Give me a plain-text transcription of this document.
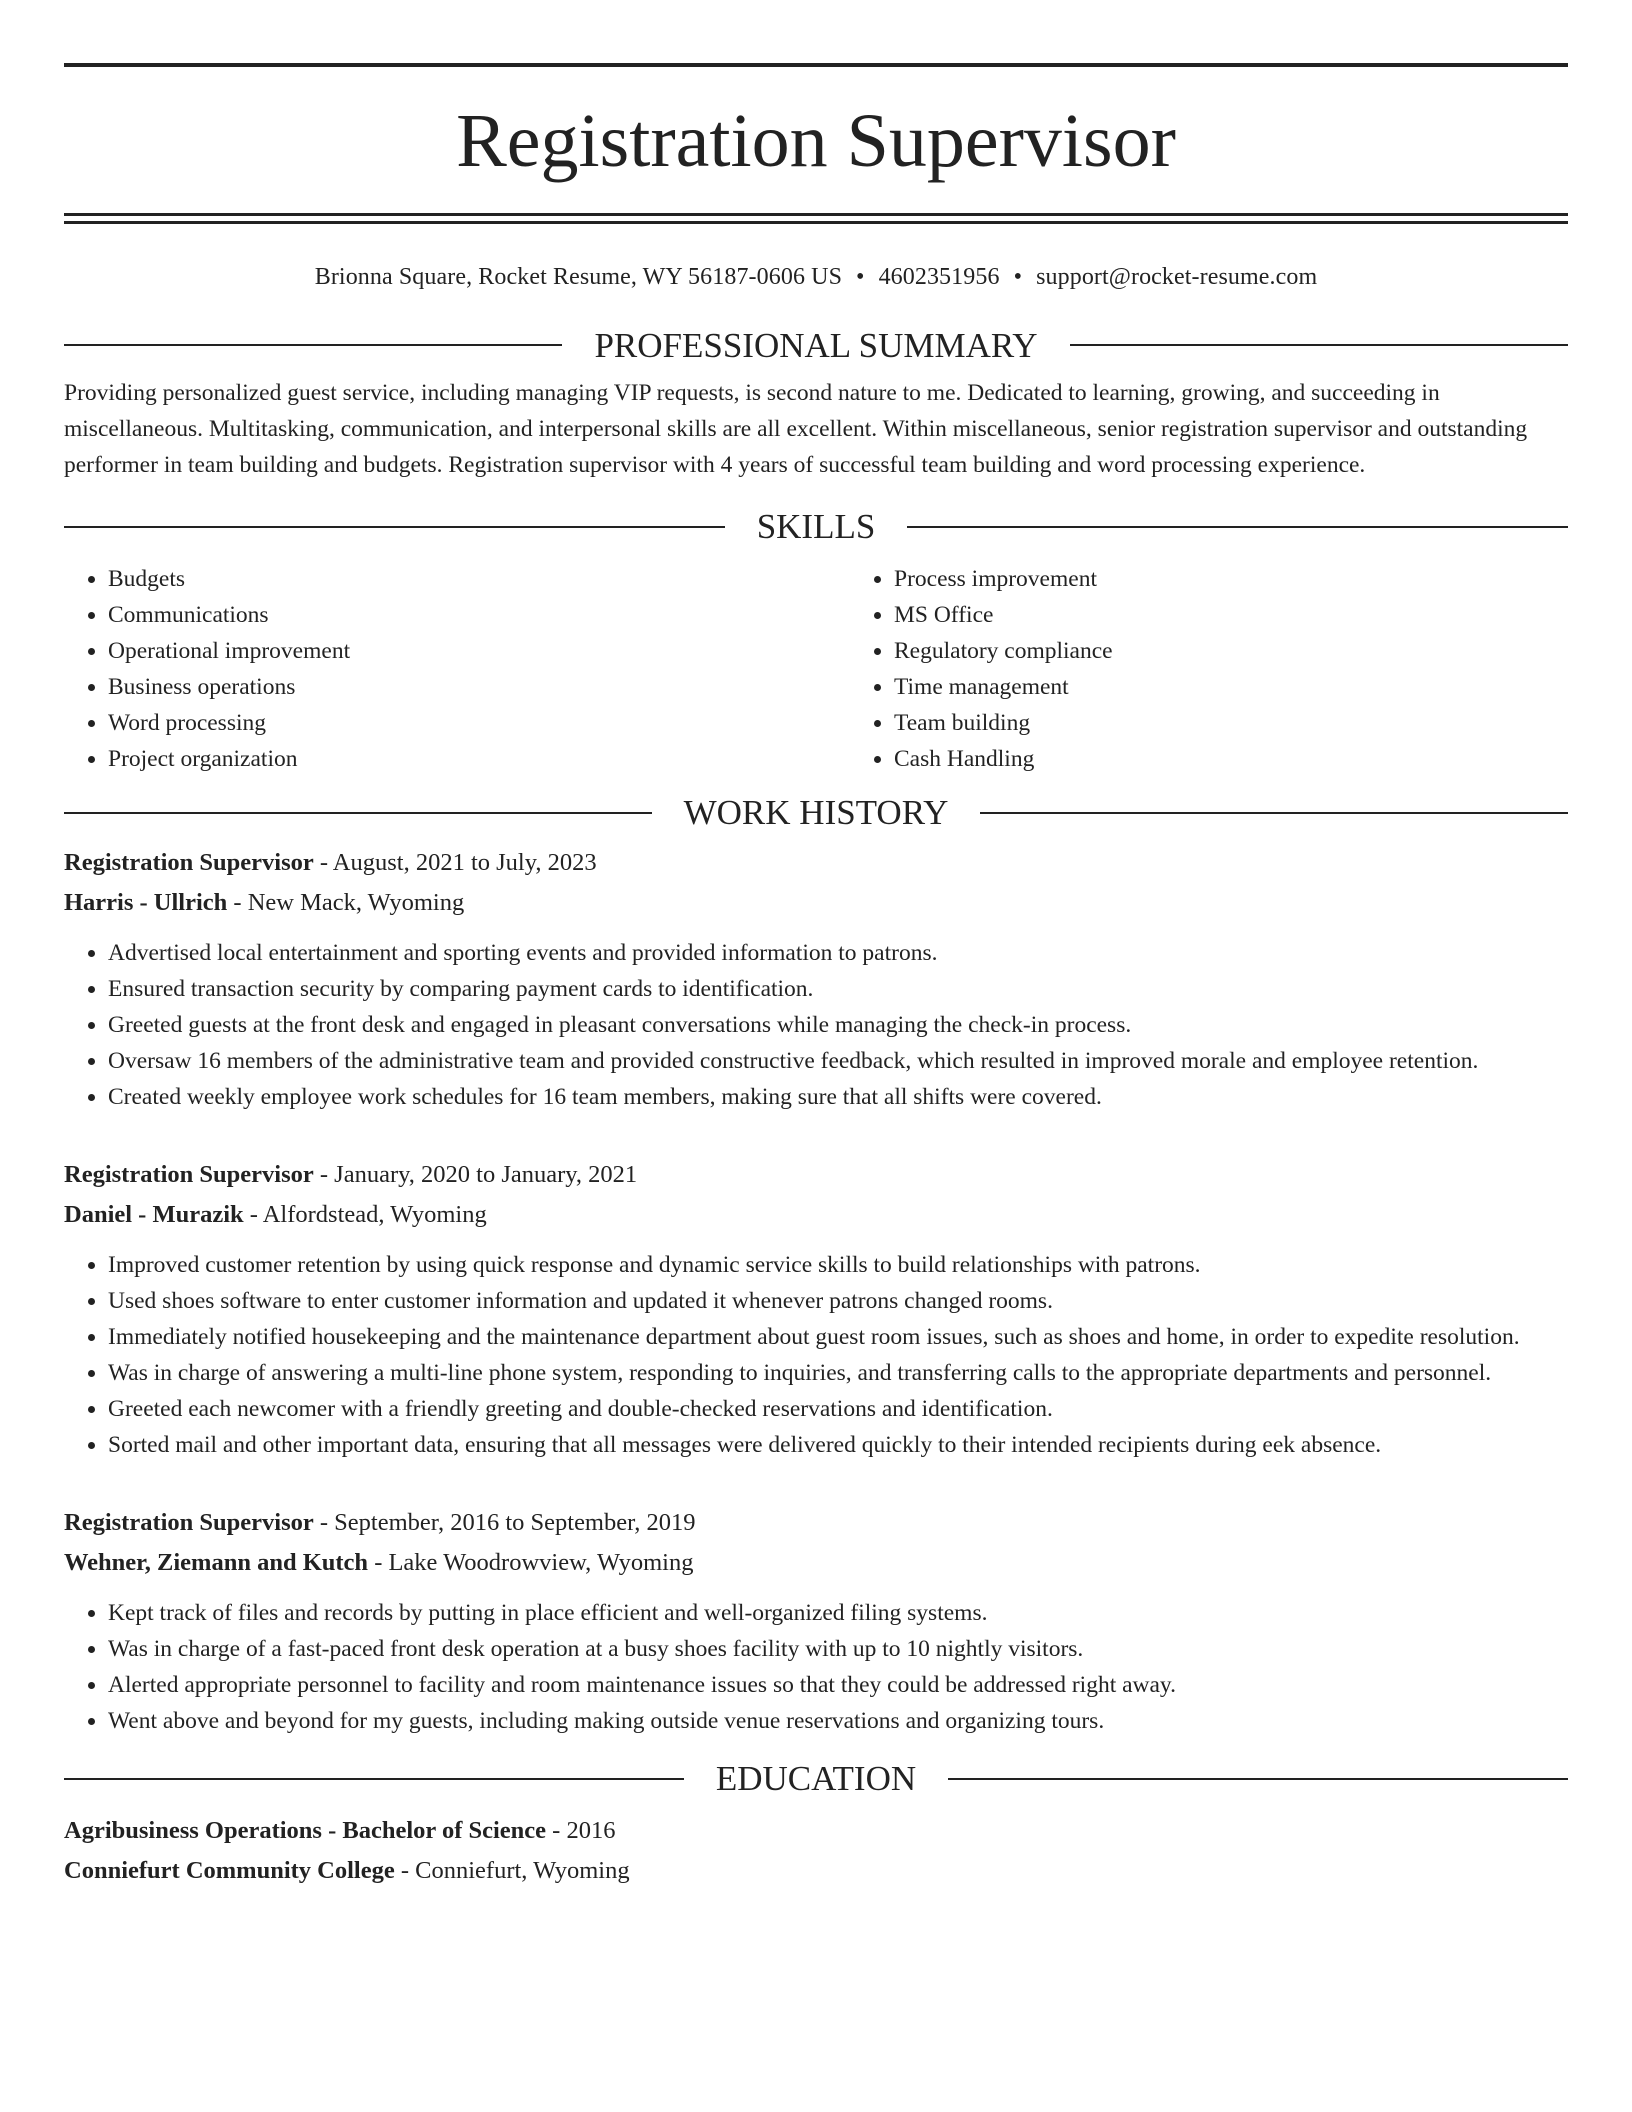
Registration Supervisor
Brionna Square, Rocket Resume, WY 56187-0606 US • 4602351956 • support@rocket-resume.com
PROFESSIONAL SUMMARY

Providing personalized guest service, including managing VIP requests, is second nature to me. Dedicated to learning, growing, and succeeding in miscellaneous. Multitasking, communication, and interpersonal skills are all excellent. Within miscellaneous, senior registration supervisor and outstanding performer in team building and budgets. Registration supervisor with 4 years of successful team building and word processing experience.

SKILLS
• Budgets
• Communications
• Operational improvement
• Business operations
• Word processing
• Project organization
• Process improvement
• MS Office
• Regulatory compliance
• Time management
• Team building
• Cash Handling
WORK HISTORY
Registration Supervisor - August, 2021 to July, 2023
Harris - Ullrich - New Mack, Wyoming
• Advertised local entertainment and sporting events and provided information to patrons.
• Ensured transaction security by comparing payment cards to identification.
• Greeted guests at the front desk and engaged in pleasant conversations while managing the check-in process.
• Oversaw 16 members of the administrative team and provided constructive feedback, which resulted in improved morale and employee retention.
• Created weekly employee work schedules for 16 team members, making sure that all shifts were covered.
Registration Supervisor - January, 2020 to January, 2021
Daniel - Murazik - Alfordstead, Wyoming
• Improved customer retention by using quick response and dynamic service skills to build relationships with patrons.
• Used shoes software to enter customer information and updated it whenever patrons changed rooms.
• Immediately notified housekeeping and the maintenance department about guest room issues, such as shoes and home, in order to expedite resolution.
• Was in charge of answering a multi-line phone system, responding to inquiries, and transferring calls to the appropriate departments and personnel.
• Greeted each newcomer with a friendly greeting and double-checked reservations and identification.
• Sorted mail and other important data, ensuring that all messages were delivered quickly to their intended recipients during eek absence.
Registration Supervisor - September, 2016 to September, 2019
Wehner, Ziemann and Kutch - Lake Woodrowview, Wyoming
• Kept track of files and records by putting in place efficient and well-organized filing systems.
• Was in charge of a fast-paced front desk operation at a busy shoes facility with up to 10 nightly visitors.
• Alerted appropriate personnel to facility and room maintenance issues so that they could be addressed right away.
• Went above and beyond for my guests, including making outside venue reservations and organizing tours.
EDUCATION
Agribusiness Operations - Bachelor of Science - 2016
Conniefurt Community College - Conniefurt, Wyoming
